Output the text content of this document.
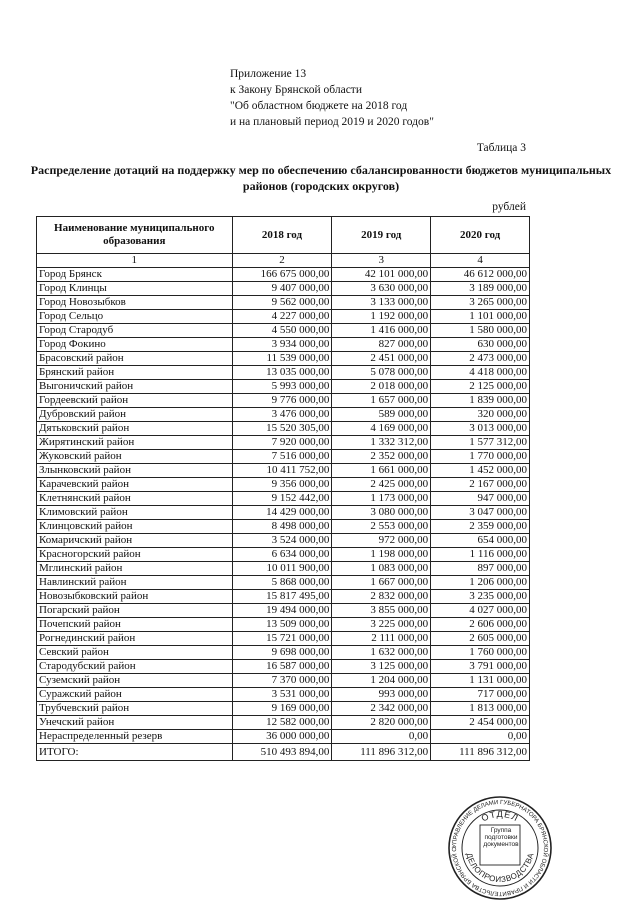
Приложение 13
к Закону Брянской области
"Об областном бюджете на 2018 год
и на плановый период 2019 и 2020 годов"
Таблица 3
Распределение дотаций на поддержку мер по обеспечению сбалансированности бюджетов муниципальных районов (городских округов)
рублей
Наименование муниципального образования	2018 год	2019 год	2020 год
1	2	3	4
Город Брянск	166 675 000,00	42 101 000,00	46 612 000,00
Город Клинцы	9 407 000,00	3 630 000,00	3 189 000,00
Город Новозыбков	9 562 000,00	3 133 000,00	3 265 000,00
Город Сельцо	4 227 000,00	1 192 000,00	1 101 000,00
Город Стародуб	4 550 000,00	1 416 000,00	1 580 000,00
Город Фокино	3 934 000,00	827 000,00	630 000,00
Брасовский район	11 539 000,00	2 451 000,00	2 473 000,00
Брянский район	13 035 000,00	5 078 000,00	4 418 000,00
Выгоничский район	5 993 000,00	2 018 000,00	2 125 000,00
Гордеевский район	9 776 000,00	1 657 000,00	1 839 000,00
Дубровский район	3 476 000,00	589 000,00	320 000,00
Дятьковский район	15 520 305,00	4 169 000,00	3 013 000,00
Жирятинский район	7 920 000,00	1 332 312,00	1 577 312,00
Жуковский район	7 516 000,00	2 352 000,00	1 770 000,00
Злынковский район	10 411 752,00	1 661 000,00	1 452 000,00
Карачевский район	9 356 000,00	2 425 000,00	2 167 000,00
Клетнянский район	9 152 442,00	1 173 000,00	947 000,00
Климовский район	14 429 000,00	3 080 000,00	3 047 000,00
Клинцовский район	8 498 000,00	2 553 000,00	2 359 000,00
Комаричский район	3 524 000,00	972 000,00	654 000,00
Красногорский район	6 634 000,00	1 198 000,00	1 116 000,00
Мглинский район	10 011 900,00	1 083 000,00	897 000,00
Навлинский район	5 868 000,00	1 667 000,00	1 206 000,00
Новозыбковский район	15 817 495,00	2 832 000,00	3 235 000,00
Погарский район	19 494 000,00	3 855 000,00	4 027 000,00
Почепский район	13 509 000,00	3 225 000,00	2 606 000,00
Рогнединский район	15 721 000,00	2 111 000,00	2 605 000,00
Севский район	9 698 000,00	1 632 000,00	1 760 000,00
Стародубский район	16 587 000,00	3 125 000,00	3 791 000,00
Суземский район	7 370 000,00	1 204 000,00	1 131 000,00
Суражский район	3 531 000,00	993 000,00	717 000,00
Трубчевский район	9 169 000,00	2 342 000,00	1 813 000,00
Унечский район	12 582 000,00	2 820 000,00	2 454 000,00
Нераспределенный резерв	36 000 000,00	0,00	0,00
ИТОГО:	510 493 894,00	111 896 312,00	111 896 312,00
УПРАВЛЕНИЕ ДЕЛАМИ ГУБЕРНАТОРА БРЯНСКОЙ ОБЛАСТИ И ПРАВИТЕЛЬСТВА БРЯНСКОЙ О
ОТДЕЛ
ДЕЛОПРОИЗВОДСТВА
Группа
подготовки
документов
